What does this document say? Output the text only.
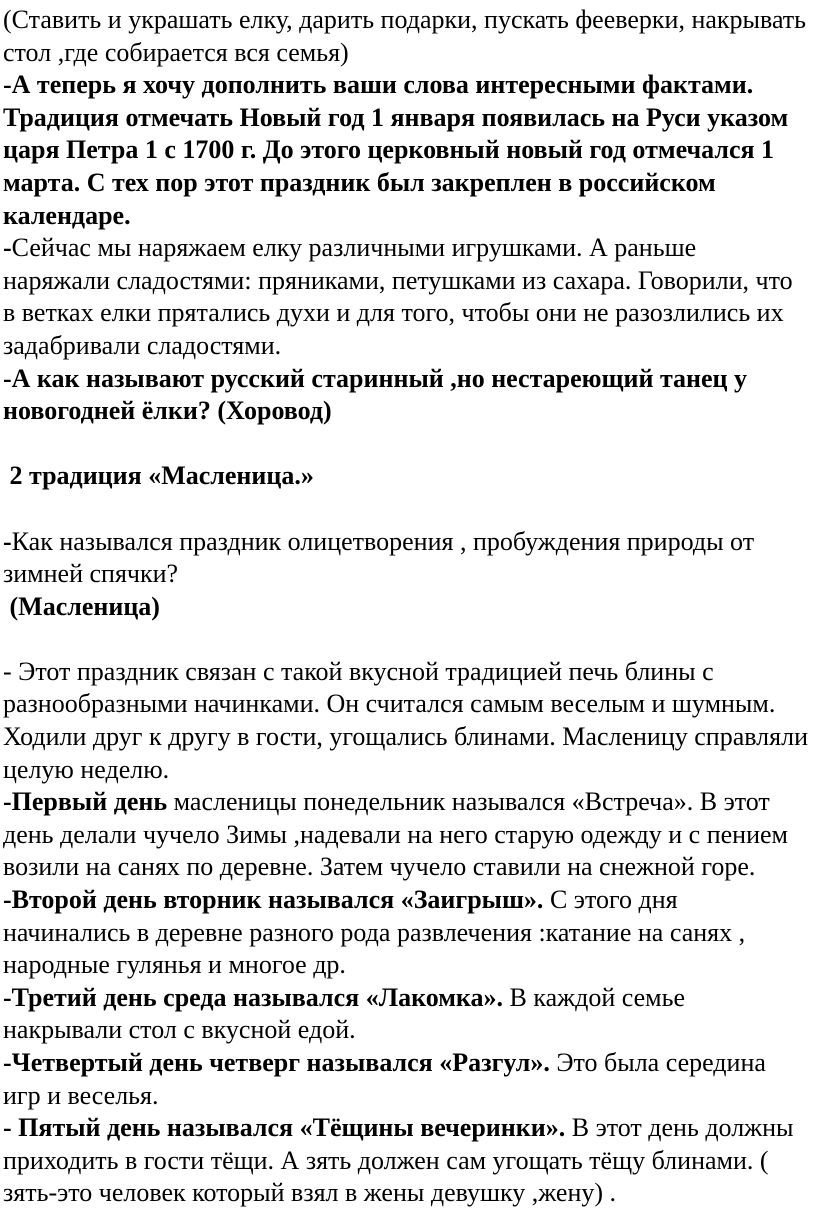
(Ставить и украшать елку, дарить подарки, пускать фееверки, накрывать стол ,где собирается вся семья)

-А теперь я хочу дополнить ваши слова интересными фактами. Традиция отмечать Новый год 1 января появилась на Руси указом царя Петра 1 с 1700 г. До этого церковный новый год отмечался 1 марта. С тех пор этот праздник был закреплен в российском календаре.

-Сейчас мы наряжаем елку различными игрушками. А раньше наряжали сладостями: пряниками, петушками из сахара. Говорили, что в ветках елки прятались духи и для того, чтобы они не разозлились их задабривали сладостями.

-А как называют русский старинный ,но нестареющий танец у новогодней ёлки? (Хоровод)

2 традиция «Масленица.»

-Как назывался праздник олицетворения , пробуждения природы от зимней спячки?

(Масленица)

- Этот праздник связан с такой вкусной традицией печь блины с разнообразными начинками. Он считался самым веселым и шумным. Ходили друг к другу в гости, угощались блинами. Масленицу справляли целую неделю.

-Первый день масленицы понедельник назывался «Встреча». В этот день делали чучело Зимы ,надевали на него старую одежду и с пением возили на санях по деревне. Затем чучело ставили на снежной горе.

-Второй день вторник назывался «Заигрыш». С этого дня начинались в деревне разного рода развлечения :катание на санях , народные гулянья и многое др.

-Третий день среда назывался «Лакомка». В каждой семье накрывали стол с вкусной едой.

-Четвертый день четверг назывался «Разгул». Это была середина игр и веселья.

- Пятый день назывался «Тёщины вечеринки». В этот день должны приходить в гости тёщи. А зять должен сам угощать тёщу блинами. ( зять-это человек который взял в жены девушку ,жену) .
